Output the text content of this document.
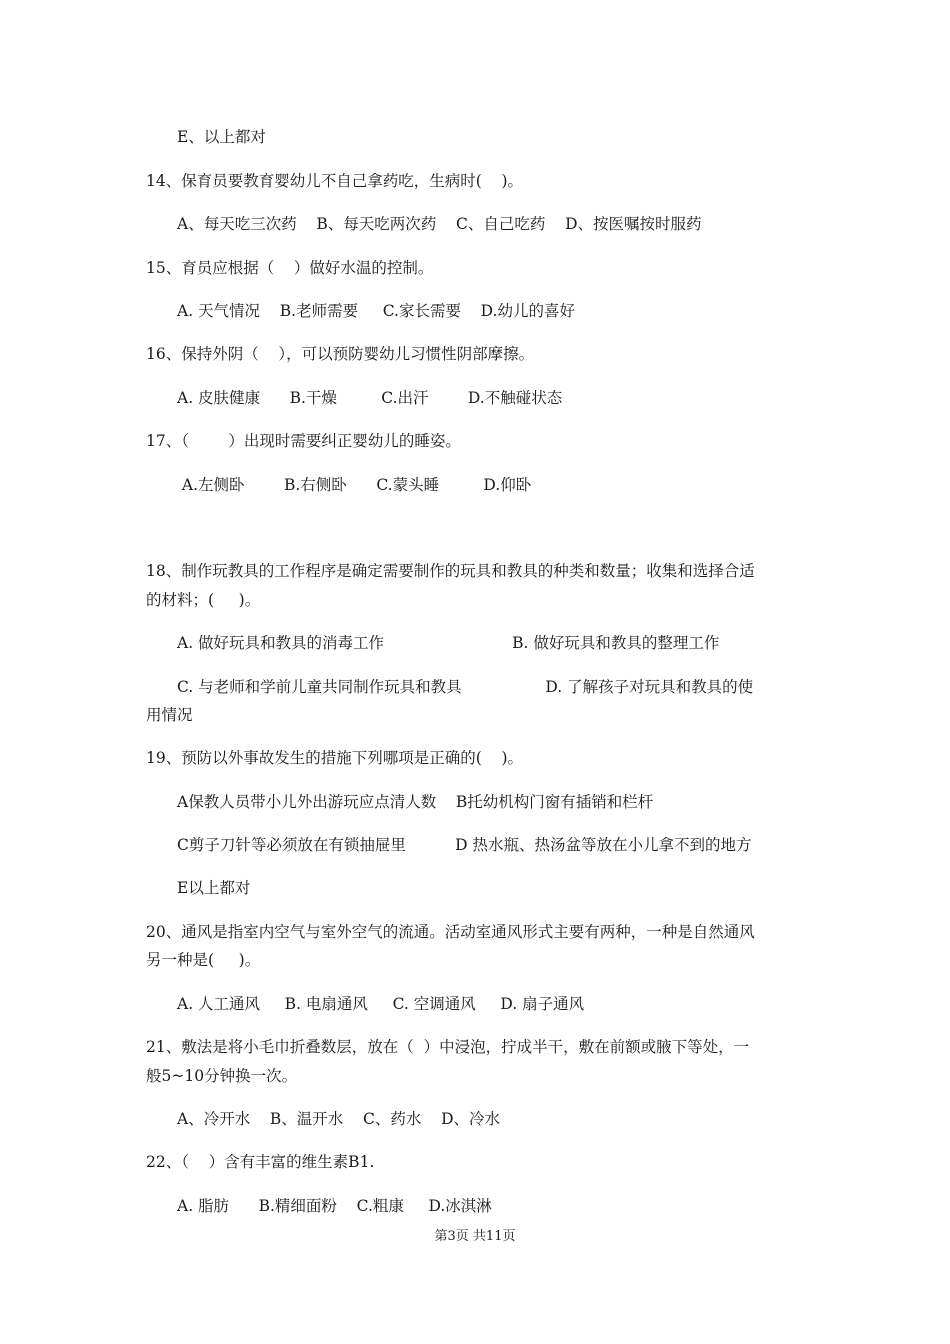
E、以上都对

14、保育员要教育婴幼儿不自己拿药吃，生病时(    )。

A、每天吃三次药    B、每天吃两次药    C、自己吃药    D、按医嘱按时服药

15、育员应根据（    ）做好水温的控制。

A. 天气情况    B.老师需要     C.家长需要    D.幼儿的喜好

16、保持外阴（    ），可以预防婴幼儿习惯性阴部摩擦。

A. 皮肤健康      B.干燥         C.出汗        D.不触碰状态

17、（        ）出现时需要纠正婴幼儿的睡姿。

A.左侧卧        B.右侧卧      C.蒙头睡         D.仰卧

18、制作玩教具的工作程序是确定需要制作的玩具和教具的种类和数量；收集和选择合适

的材料；(     )。

A. 做好玩具和教具的消毒工作                          B. 做好玩具和教具的整理工作

C. 与老师和学前儿童共同制作玩具和教具                 D. 了解孩子对玩具和教具的使

用情况

19、预防以外事故发生的措施下列哪项是正确的(    )。

A保教人员带小儿外出游玩应点清人数    B托幼机构门窗有插销和栏杆

C剪子刀针等必须放在有锁抽屉里          D 热水瓶、热汤盆等放在小儿拿不到的地方

E以上都对

20、通风是指室内空气与室外空气的流通。活动室通风形式主要有两种，一种是自然通风

另一种是(     )。

A. 人工通风     B. 电扇通风     C. 空调通风     D. 扇子通风

21、敷法是将小毛巾折叠数层，放在（  ）中浸泡，拧成半干，敷在前额或腋下等处，一

般5~10分钟换一次。

A、冷开水    B、温开水    C、药水    D、冷水

22、（    ）含有丰富的维生素B1.

A. 脂肪      B.精细面粉    C.粗康     D.冰淇淋

第3页 共11页
